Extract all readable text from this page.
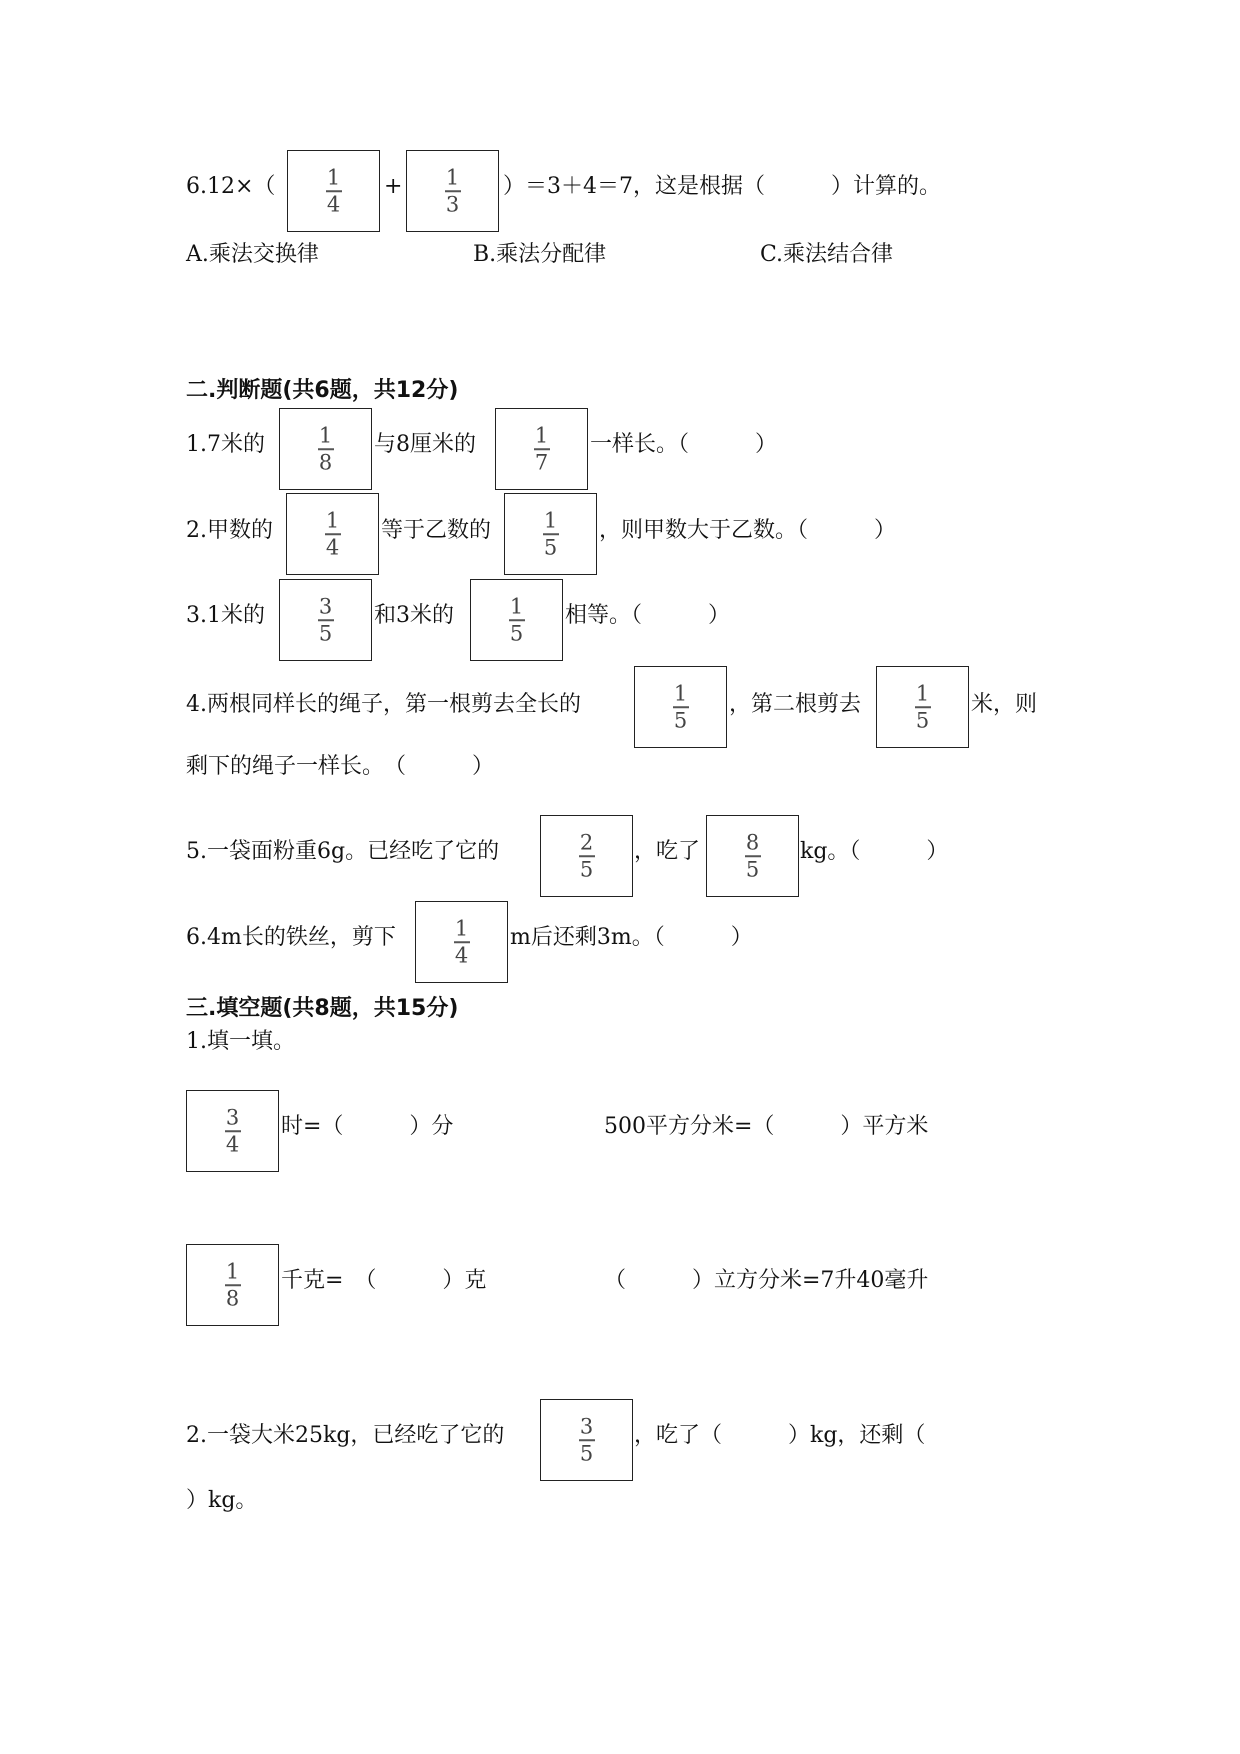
6.12×（ 1
4
+ 1
3
）＝3＋4＝7，这是根据（　　　）计算的。
A.乘法交换律	B.乘法分配律	C.乘法结合律
二.判断题(共6题，共12分)
1.7米的	1
8
与8厘米的	1
7
一样长。（　　　）
2.甲数的	1
4
等于乙数的	1
5
，则甲数大于乙数。（　　　）
3.1米的	3
5
和3米的	1
5
相等。（　　　）
4.两根同样长的绳子，第一根剪去全长的	1
5
，第二根剪去	1
5
米，则
剩下的绳子一样长。　（　　　）
5.一袋面粉重6g。已经吃了它的	2
5
，吃了 8
5
kg。（　　　）
6.4m长的铁丝，剪下	1
4
m后还剩3m。（　　　）
三.填空题(共8题，共15分)
1.填一填。
3
4
时=（　　　）分	500平方分米=（　　　）平方米
1
8
千克=　（　　　）克	（　　　）立方分米=7升40毫升
2.一袋大米25kg，已经吃了它的	3
5
，吃了（　　　）kg，还剩（
）kg。
